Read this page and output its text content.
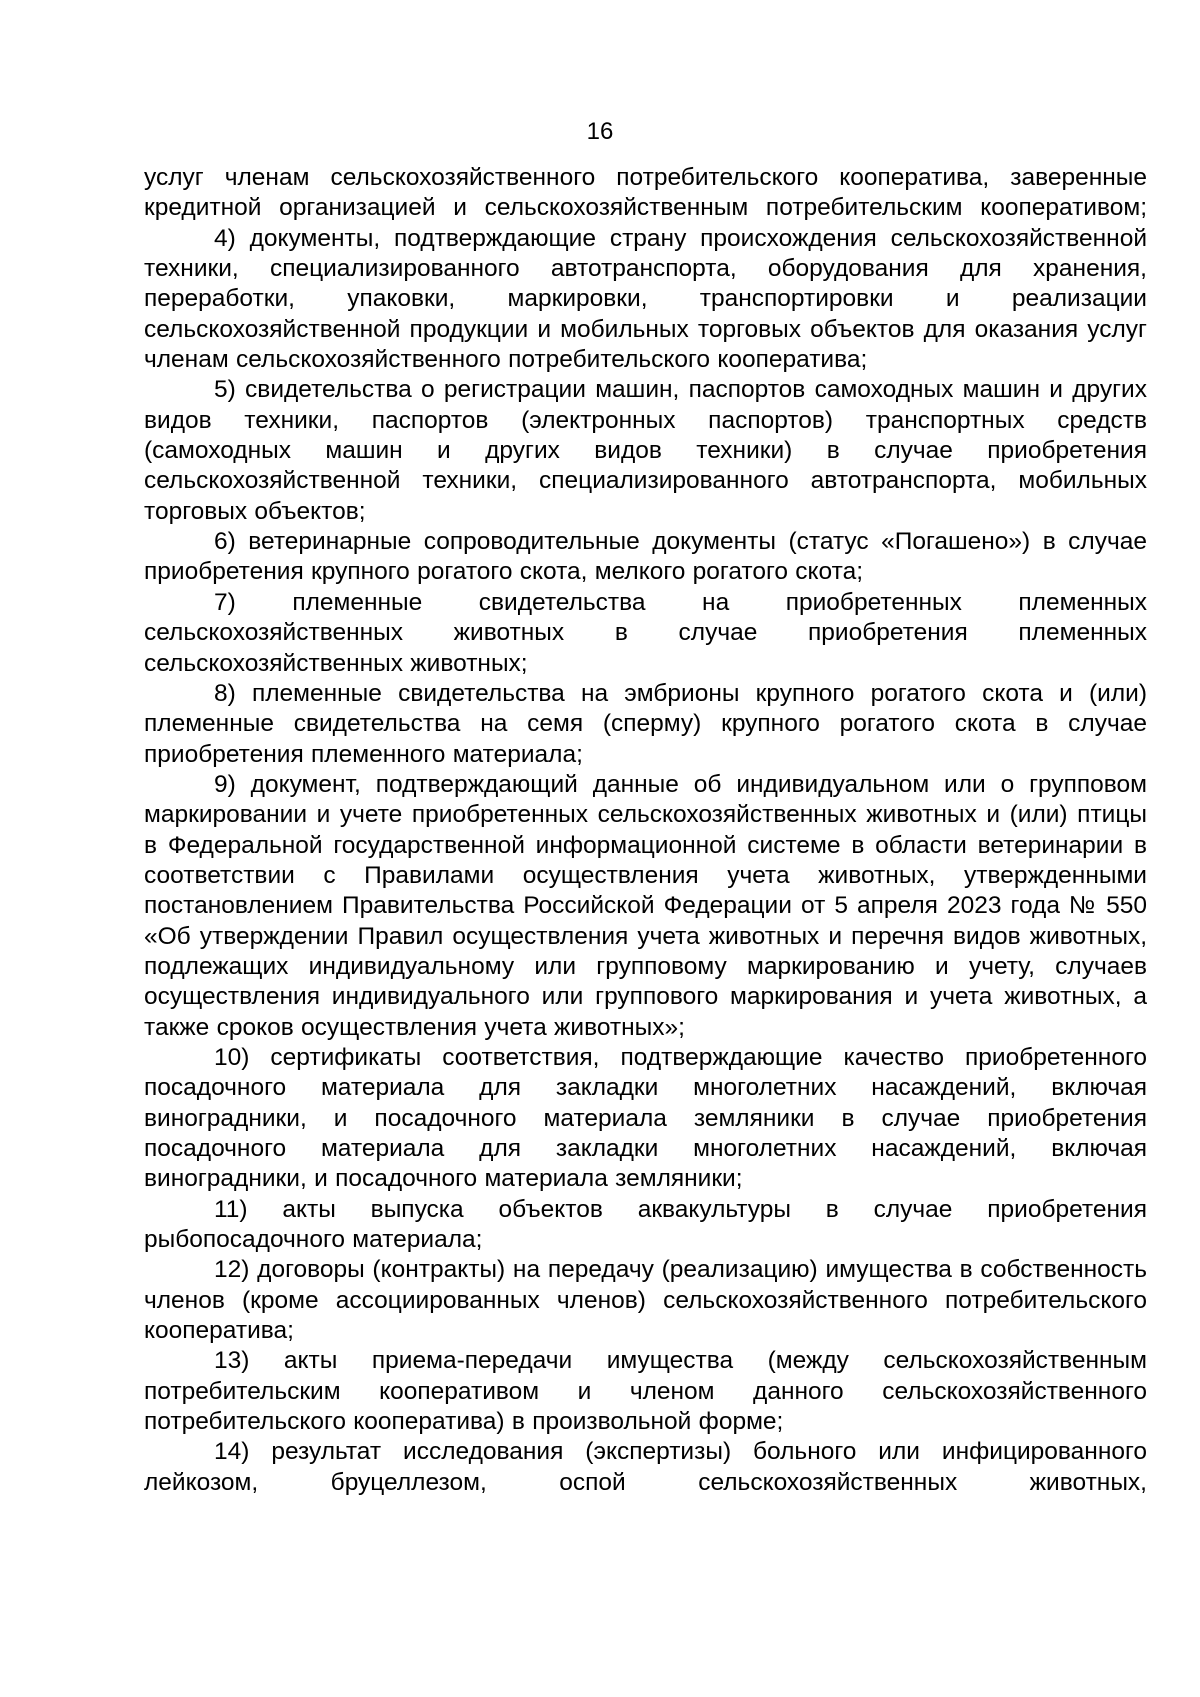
16

услуг членам сельскохозяйственного потребительского кооператива, заверенные кредитной организацией и сельскохозяйственным потребительским кооперативом;

4) документы, подтверждающие страну происхождения сельскохозяйственной техники, специализированного автотранспорта, оборудования для хранения, переработки, упаковки, маркировки, транспортировки и реализации сельскохозяйственной продукции и мобильных торговых объектов для оказания услуг членам сельскохозяйственного потребительского кооператива;

5) свидетельства о регистрации машин, паспортов самоходных машин и других видов техники, паспортов (электронных паспортов) транспортных средств (самоходных машин и других видов техники) в случае приобретения сельскохозяйственной техники, специализированного автотранспорта, мобильных торговых объектов;

6) ветеринарные сопроводительные документы (статус «Погашено») в случае приобретения крупного рогатого скота, мелкого рогатого скота;

7) племенные свидетельства на приобретенных племенных сельскохозяйственных животных в случае приобретения племенных сельскохозяйственных животных;

8) племенные свидетельства на эмбрионы крупного рогатого скота и (или) племенные свидетельства на семя (сперму) крупного рогатого скота в случае приобретения племенного материала;

9) документ, подтверждающий данные об индивидуальном или о групповом маркировании и учете приобретенных сельскохозяйственных животных и (или) птицы в Федеральной государственной информационной системе в области ветеринарии в соответствии с Правилами осуществления учета животных, утвержденными постановлением Правительства Российской Федерации от 5 апреля 2023 года № 550 «Об утверждении Правил осуществления учета животных и перечня видов животных, подлежащих индивидуальному или групповому маркированию и учету, случаев осуществления индивидуального или группового маркирования и учета животных, а также сроков осуществления учета животных»;

10) сертификаты соответствия, подтверждающие качество приобретенного посадочного материала для закладки многолетних насаждений, включая виноградники, и посадочного материала земляники в случае приобретения посадочного материала для закладки многолетних насаждений, включая виноградники, и посадочного материала земляники;

11) акты выпуска объектов аквакультуры в случае приобретения рыбопосадочного материала;

12) договоры (контракты) на передачу (реализацию) имущества в собственность членов (кроме ассоциированных членов) сельскохозяйственного потребительского кооператива;

13) акты приема-передачи имущества (между сельскохозяйственным потребительским кооперативом и членом данного сельскохозяйственного потребительского кооператива) в произвольной форме;

14) результат исследования (экспертизы) больного или инфицированного лейкозом, бруцеллезом, оспой сельскохозяйственных животных,
